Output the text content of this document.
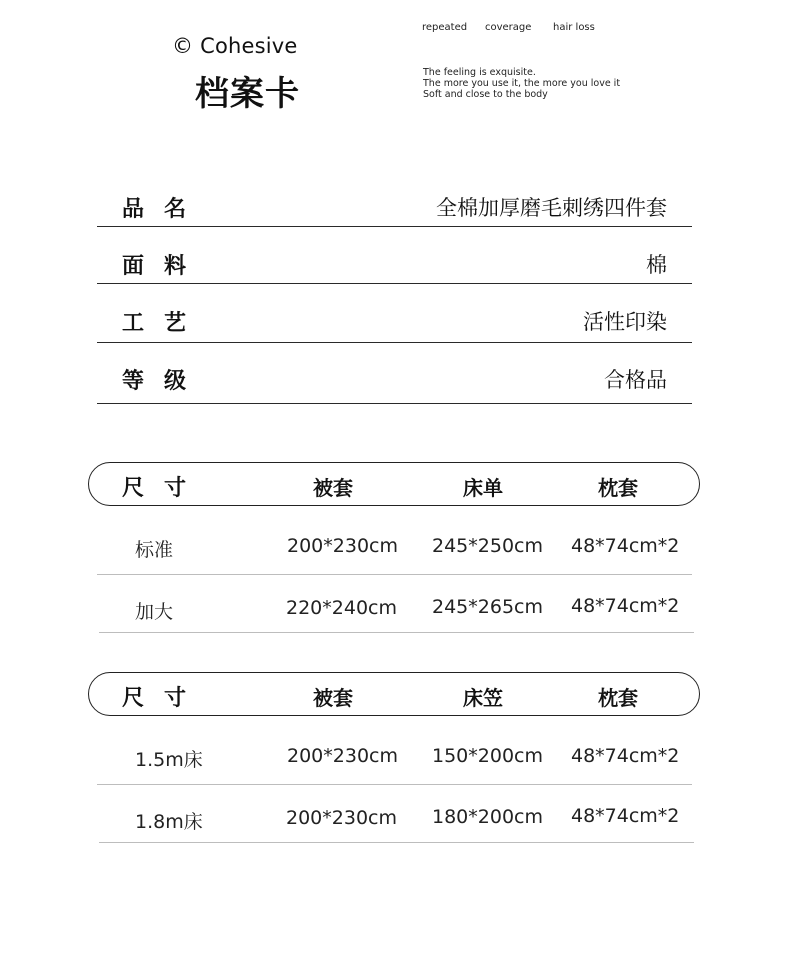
© Cohesive
档案卡
repeated coverage hair loss
The feeling is exquisite.
The more you use it, the more you love it
Soft and close to the body
品名	全棉加厚磨毛刺绣四件套
面料	棉
工艺	活性印染
等级	合格品
尺寸	被套	床单	枕套
标准	200*230cm 245*250cm 48*74cm*2
加大	220*240cm 245*265cm 48*74cm*2
尺寸	被套	床笠	枕套
1.5m床	200*230cm 150*200cm 48*74cm*2
1.8m床	200*230cm 180*200cm 48*74cm*2
